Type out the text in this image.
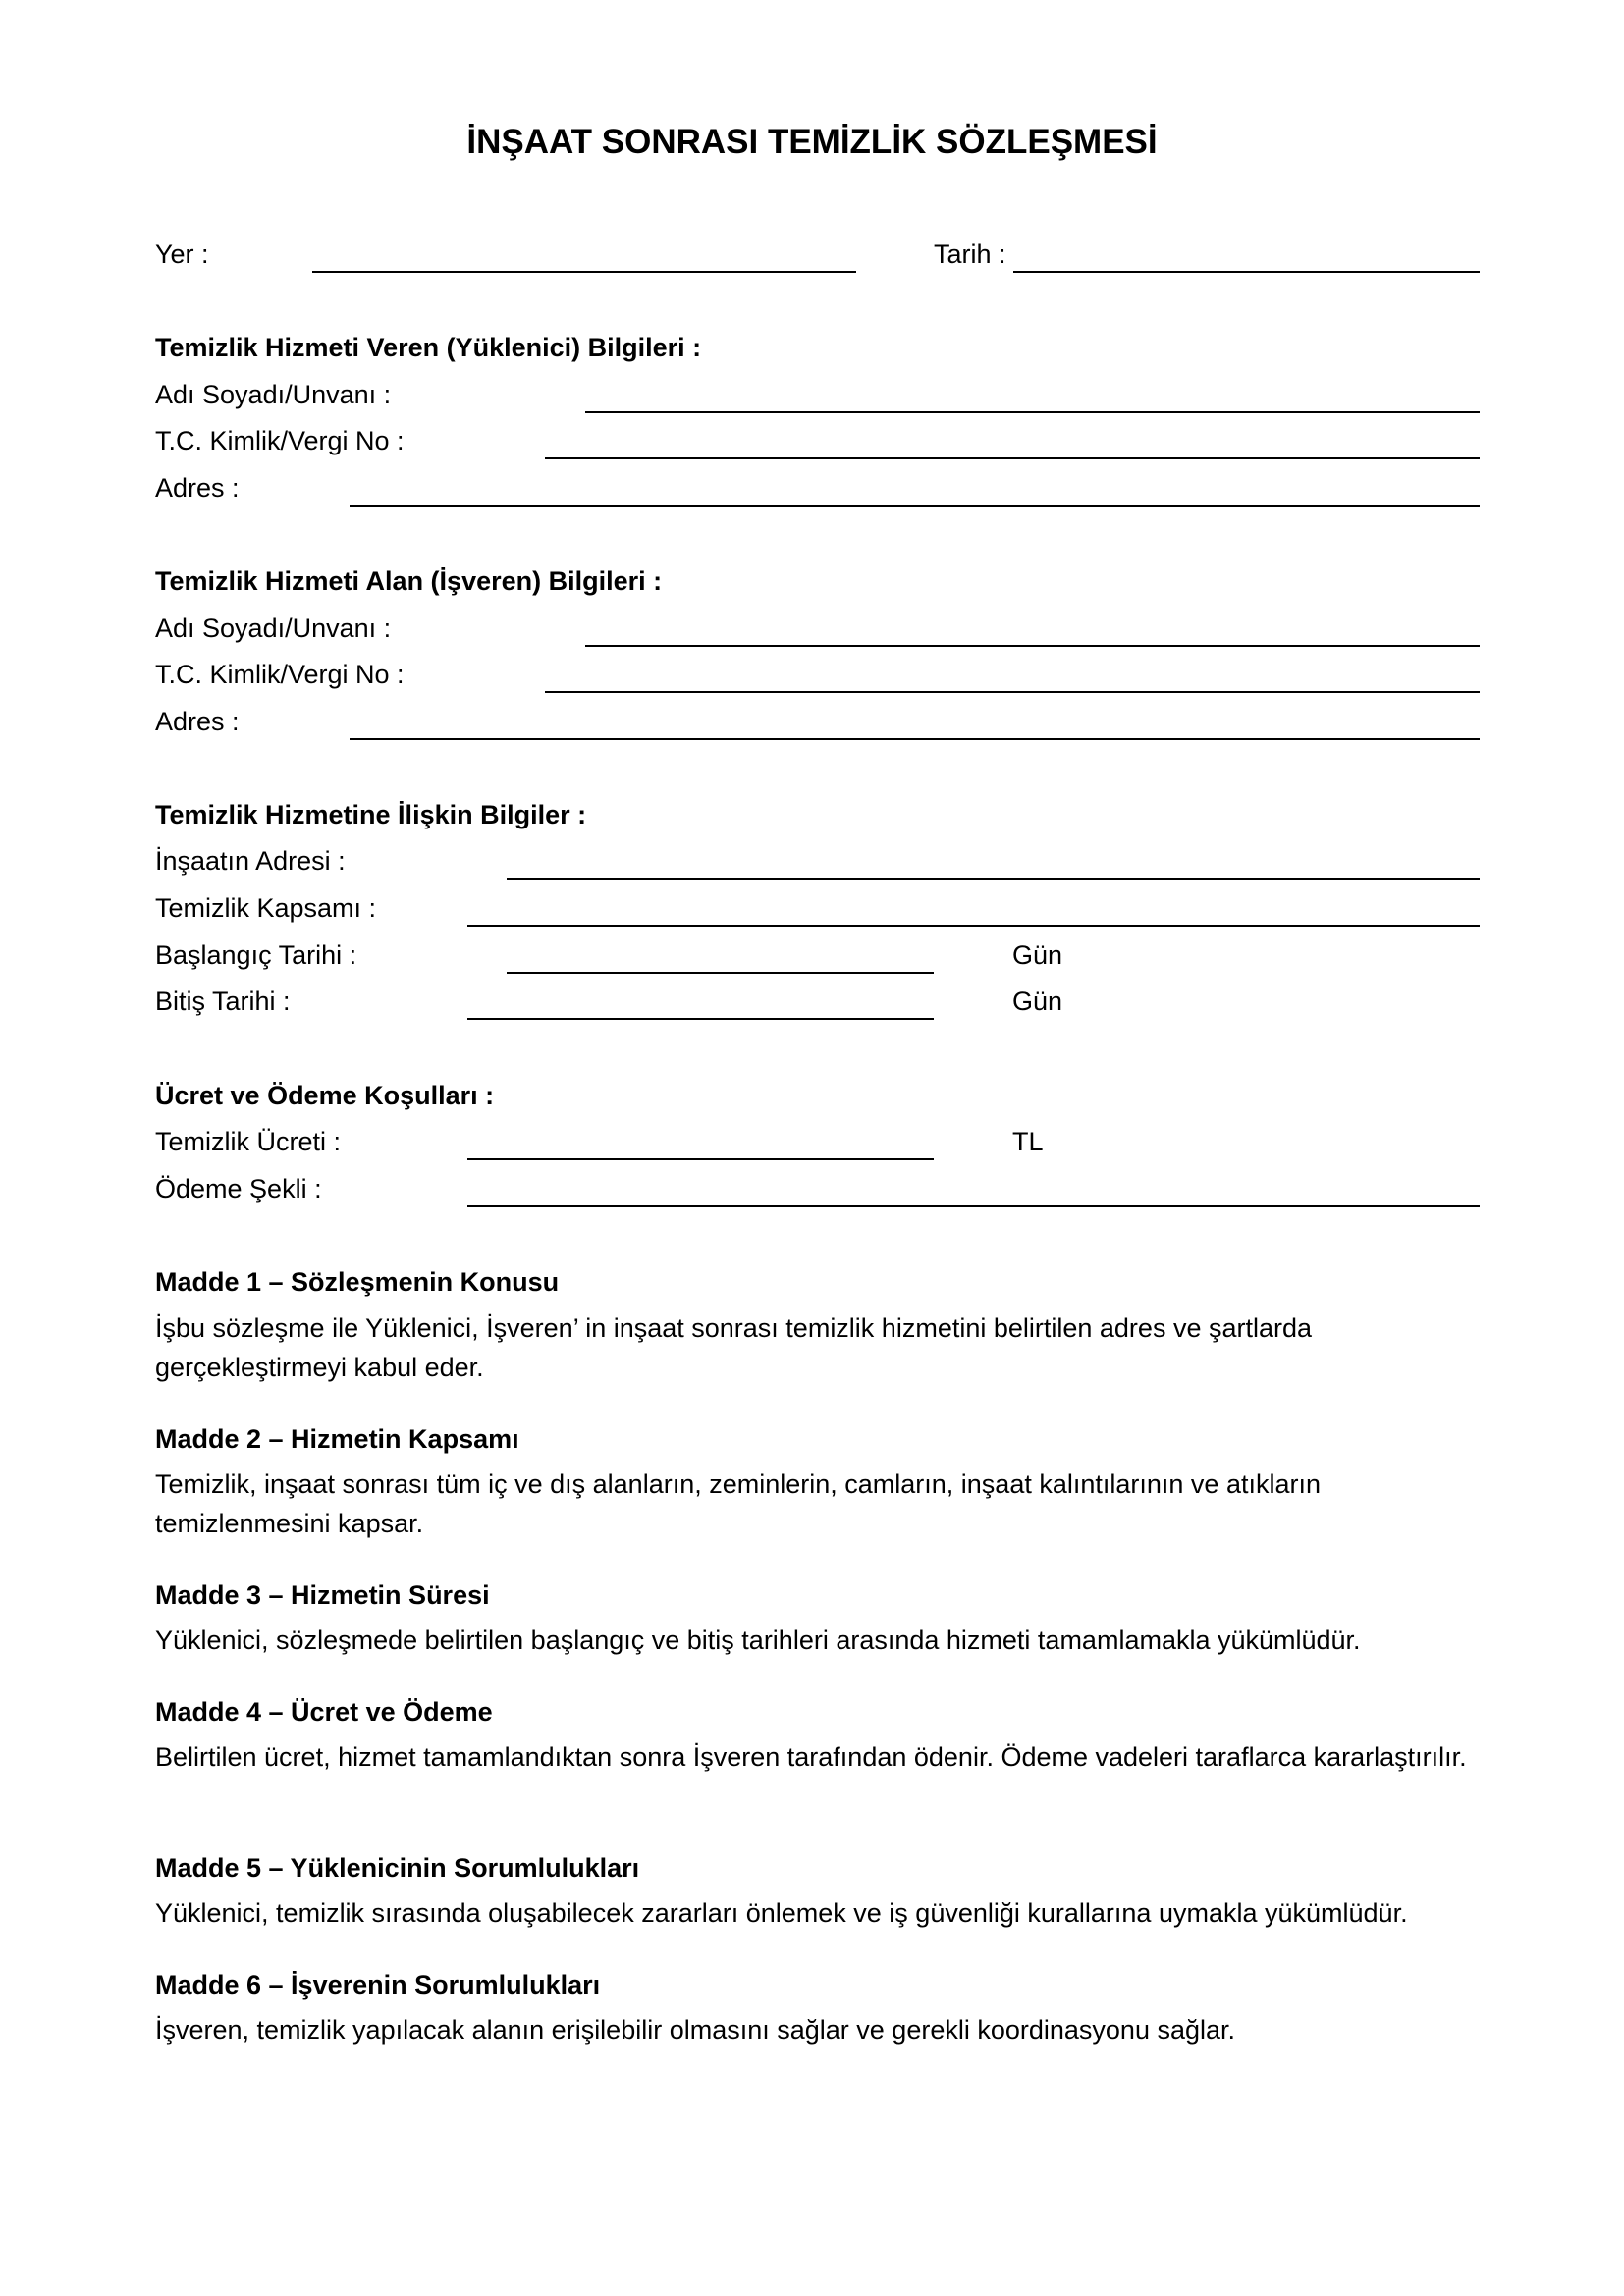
İNŞAAT SONRASI TEMİZLİK SÖZLEŞMESİ
Yer :	Tarih :
Temizlik Hizmeti Veren (Yüklenici) Bilgileri :
Adı Soyadı/Unvanı :
T.C. Kimlik/Vergi No :
Adres :
Temizlik Hizmeti Alan (İşveren) Bilgileri :
Adı Soyadı/Unvanı :
T.C. Kimlik/Vergi No :
Adres :
Temizlik Hizmetine İlişkin Bilgiler :
İnşaatın Adresi :
Temizlik Kapsamı :
Başlangıç Tarihi :	Gün
Bitiş Tarihi :	Gün
Ücret ve Ödeme Koşulları :
Temizlik Ücreti :	TL
Ödeme Şekli :
Madde 1 – Sözleşmenin Konusu
İşbu sözleşme ile Yüklenici, İşveren’ in inşaat sonrası temizlik hizmetini belirtilen adres ve şartlarda gerçekleştirmeyi kabul eder.
Madde 2 – Hizmetin Kapsamı
Temizlik, inşaat sonrası tüm iç ve dış alanların, zeminlerin, camların, inşaat kalıntılarının ve atıkların temizlenmesini kapsar.
Madde 3 – Hizmetin Süresi
Yüklenici, sözleşmede belirtilen başlangıç ve bitiş tarihleri arasında hizmeti tamamlamakla yükümlüdür.
Madde 4 – Ücret ve Ödeme
Belirtilen ücret, hizmet tamamlandıktan sonra İşveren tarafından ödenir. Ödeme vadeleri taraflarca kararlaştırılır.
Madde 5 – Yüklenicinin Sorumlulukları
Yüklenici, temizlik sırasında oluşabilecek zararları önlemek ve iş güvenliği kurallarına uymakla yükümlüdür.
Madde 6 – İşverenin Sorumlulukları
İşveren, temizlik yapılacak alanın erişilebilir olmasını sağlar ve gerekli koordinasyonu sağlar.
